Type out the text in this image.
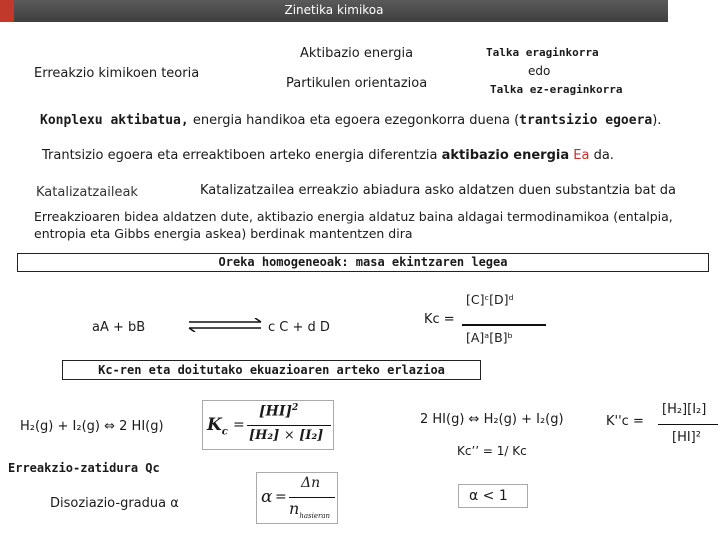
Zinetika kimikoa
Erreakzio kimikoen teoria
Aktibazio energia
Partikulen orientazioa
Talka eraginkorra
edo
Talka ez-eraginkorra
Konplexu aktibatua, energia handikoa eta egoera ezegonkorra duena (trantsizio egoera).
Trantsizio egoera eta erreaktiboen arteko energia diferentzia aktibazio energia Ea da.
Katalizatzaileak	Katalizatzailea erreakzio abiadura asko aldatzen duen substantzia bat da
Erreakzioaren bidea aldatzen dute, aktibazio energia aldatuz baina aldagai termodinamikoa (entalpia,
entropia eta Gibbs energia askea) berdinak mantentzen dira
Oreka homogeneoak: masa ekintzaren legea
aA + bB	c C + d D
Kc =
[C]ᶜ[D]ᵈ
[A]ᵃ[B]ᵇ
Kc-ren eta doitutako ekuazioaren arteko erlazioa
H₂(g) + I₂(g) ⇔ 2 HI(g)	$K_c$ =
[HI]$^2$
[H₂] × [I₂]
2 HI(g) ⇔ H₂(g) + I₂(g)	K''c =
[H₂][I₂]
[HI]²
Kc’’ = 1/ Kc
Erreakzio-zatidura Qc
Disoziazio-gradua α	α =
Δn
$n_{hasieran}$
α < 1
